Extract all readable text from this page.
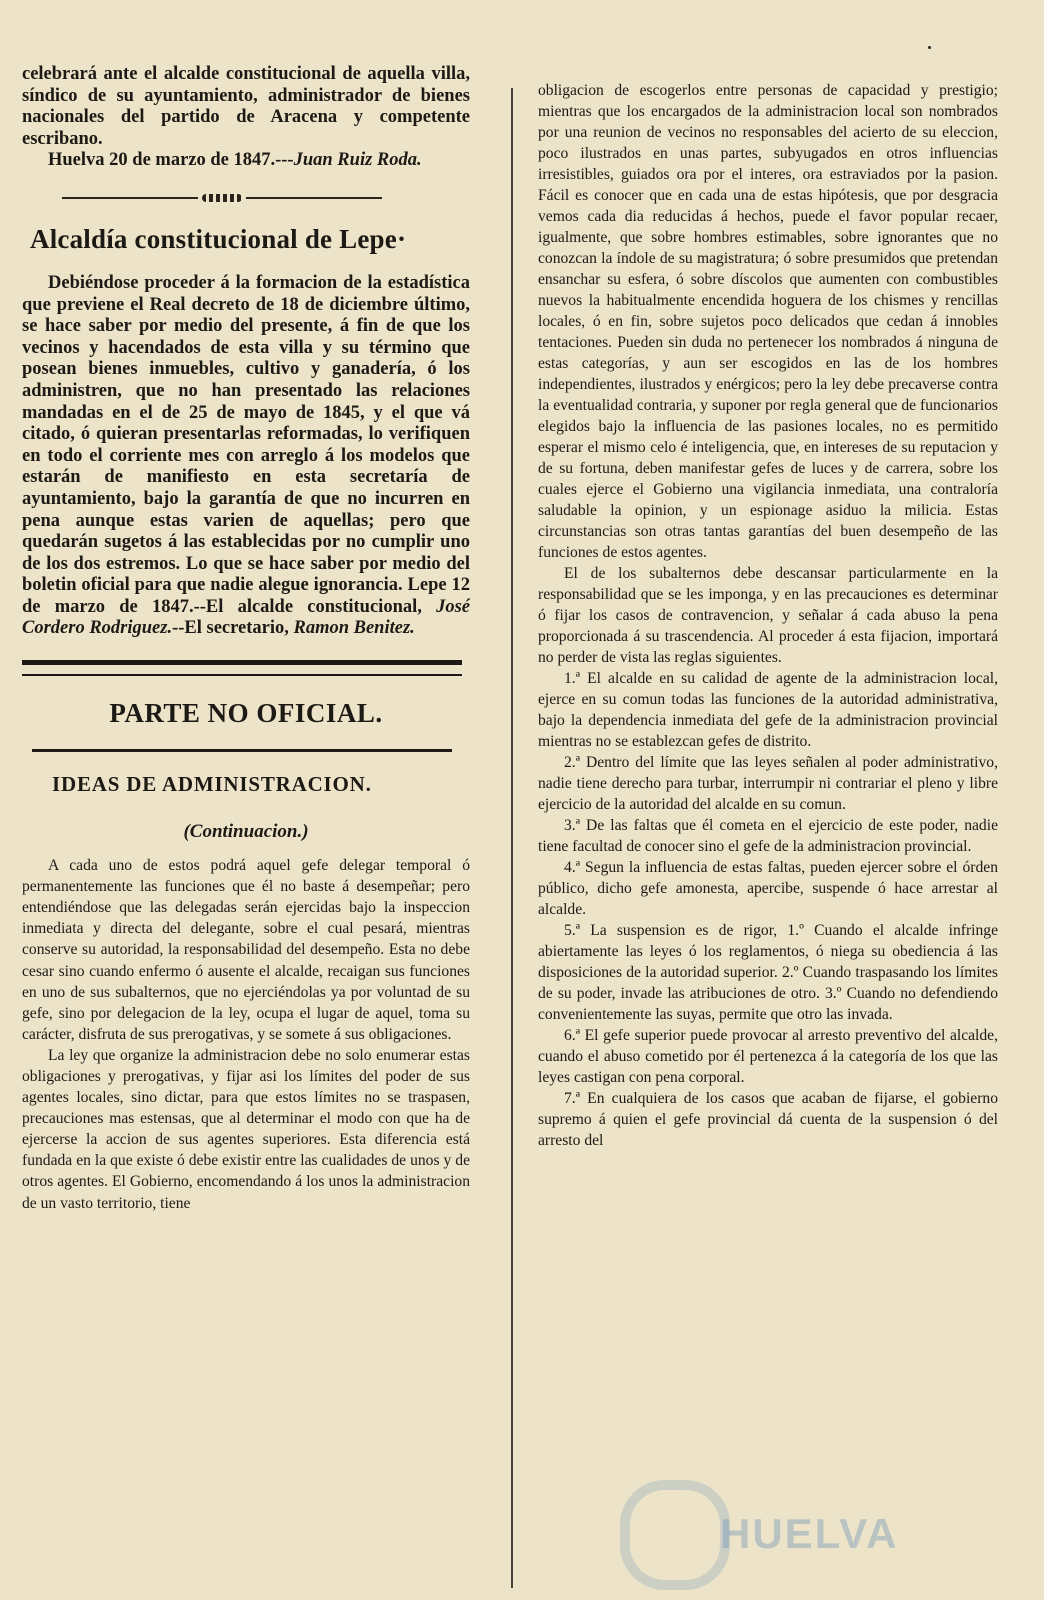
celebrará ante el alcalde constitucional de aquella villa, síndico de su ayuntamiento, administrador de bienes nacionales del partido de Aracena y competente escribano.

Huelva 20 de marzo de 1847.---Juan Ruiz Roda.

Alcaldía constitucional de Lepe·

Debiéndose proceder á la formacion de la estadística que previene el Real decreto de 18 de diciembre último, se hace saber por medio del presente, á fin de que los vecinos y hacendados de esta villa y su término que posean bienes inmuebles, cultivo y ganadería, ó los administren, que no han presentado las relaciones mandadas en el de 25 de mayo de 1845, y el que vá citado, ó quieran presentarlas reformadas, lo verifiquen en todo el corriente mes con arreglo á los modelos que estarán de manifiesto en esta secretaría de ayuntamiento, bajo la garantía de que no incurren en pena aunque estas varien de aquellas; pero que quedarán sugetos á las establecidas por no cumplir uno de los dos estremos. Lo que se hace saber por medio del boletin oficial para que nadie alegue ignorancia. Lepe 12 de marzo de 1847.--El alcalde constitucional, José Cordero Rodriguez.--El secretario, Ramon Benitez.

PARTE NO OFICIAL.
IDEAS DE ADMINISTRACION.
(Continuacion.)

A cada uno de estos podrá aquel gefe delegar temporal ó permanentemente las funciones que él no baste á desempeñar; pero entendiéndose que las delegadas serán ejercidas bajo la inspeccion inmediata y directa del delegante, sobre el cual pesará, mientras conserve su autoridad, la responsabilidad del desempeño. Esta no debe cesar sino cuando enfermo ó ausente el alcalde, recaigan sus funciones en uno de sus subalternos, que no ejerciéndolas ya por voluntad de su gefe, sino por delegacion de la ley, ocupa el lugar de aquel, toma su carácter, disfruta de sus prerogativas, y se somete á sus obligaciones.

La ley que organize la administracion debe no solo enumerar estas obligaciones y prerogativas, y fijar asi los límites del poder de sus agentes locales, sino dictar, para que estos límites no se traspasen, precauciones mas estensas, que al determinar el modo con que ha de ejercerse la accion de sus agentes superiores. Esta diferencia está fundada en la que existe ó debe existir entre las cualidades de unos y de otros agentes. El Gobierno, encomendando á los unos la administracion de un vasto territorio, tiene

obligacion de escogerlos entre personas de capacidad y prestigio; mientras que los encargados de la administracion local son nombrados por una reunion de vecinos no responsables del acierto de su eleccion, poco ilustrados en unas partes, subyugados en otros influencias irresistibles, guiados ora por el interes, ora estraviados por la pasion. Fácil es conocer que en cada una de estas hipótesis, que por desgracia vemos cada dia reducidas á hechos, puede el favor popular recaer, igualmente, que sobre hombres estimables, sobre ignorantes que no conozcan la índole de su magistratura; ó sobre presumidos que pretendan ensanchar su esfera, ó sobre díscolos que aumenten con combustibles nuevos la habitualmente encendida hoguera de los chismes y rencillas locales, ó en fin, sobre sujetos poco delicados que cedan á innobles tentaciones. Pueden sin duda no pertenecer los nombrados á ninguna de estas categorías, y aun ser escogidos en las de los hombres independientes, ilustrados y enérgicos; pero la ley debe precaverse contra la eventualidad contraria, y suponer por regla general que de funcionarios elegidos bajo la influencia de las pasiones locales, no es permitido esperar el mismo celo é inteligencia, que, en intereses de su reputacion y de su fortuna, deben manifestar gefes de luces y de carrera, sobre los cuales ejerce el Gobierno una vigilancia inmediata, una contraloría saludable la opinion, y un espionage asiduo la milicia. Estas circunstancias son otras tantas garantías del buen desempeño de las funciones de estos agentes.

El de los subalternos debe descansar particularmente en la responsabilidad que se les imponga, y en las precauciones es determinar ó fijar los casos de contravencion, y señalar á cada abuso la pena proporcionada á su trascendencia. Al proceder á esta fijacion, importará no perder de vista las reglas siguientes.

1.ª El alcalde en su calidad de agente de la administracion local, ejerce en su comun todas las funciones de la autoridad administrativa, bajo la dependencia inmediata del gefe de la administracion provincial mientras no se establezcan gefes de distrito.

2.ª Dentro del límite que las leyes señalen al poder administrativo, nadie tiene derecho para turbar, interrumpir ni contrariar el pleno y libre ejercicio de la autoridad del alcalde en su comun.

3.ª De las faltas que él cometa en el ejercicio de este poder, nadie tiene facultad de conocer sino el gefe de la administracion provincial.

4.ª Segun la influencia de estas faltas, pueden ejercer sobre el órden público, dicho gefe amonesta, apercibe, suspende ó hace arrestar al alcalde.

5.ª La suspension es de rigor, 1.º Cuando el alcalde infringe abiertamente las leyes ó los reglamentos, ó niega su obediencia á las disposiciones de la autoridad superior. 2.º Cuando traspasando los límites de su poder, invade las atribuciones de otro. 3.º Cuando no defendiendo convenientemente las suyas, permite que otro las invada.

6.ª El gefe superior puede provocar al arresto preventivo del alcalde, cuando el abuso cometido por él pertenezca á la categoría de los que las leyes castigan con pena corporal.

7.ª En cualquiera de los casos que acaban de fijarse, el gobierno supremo á quien el gefe provincial dá cuenta de la suspension ó del arresto del

HUELVA
